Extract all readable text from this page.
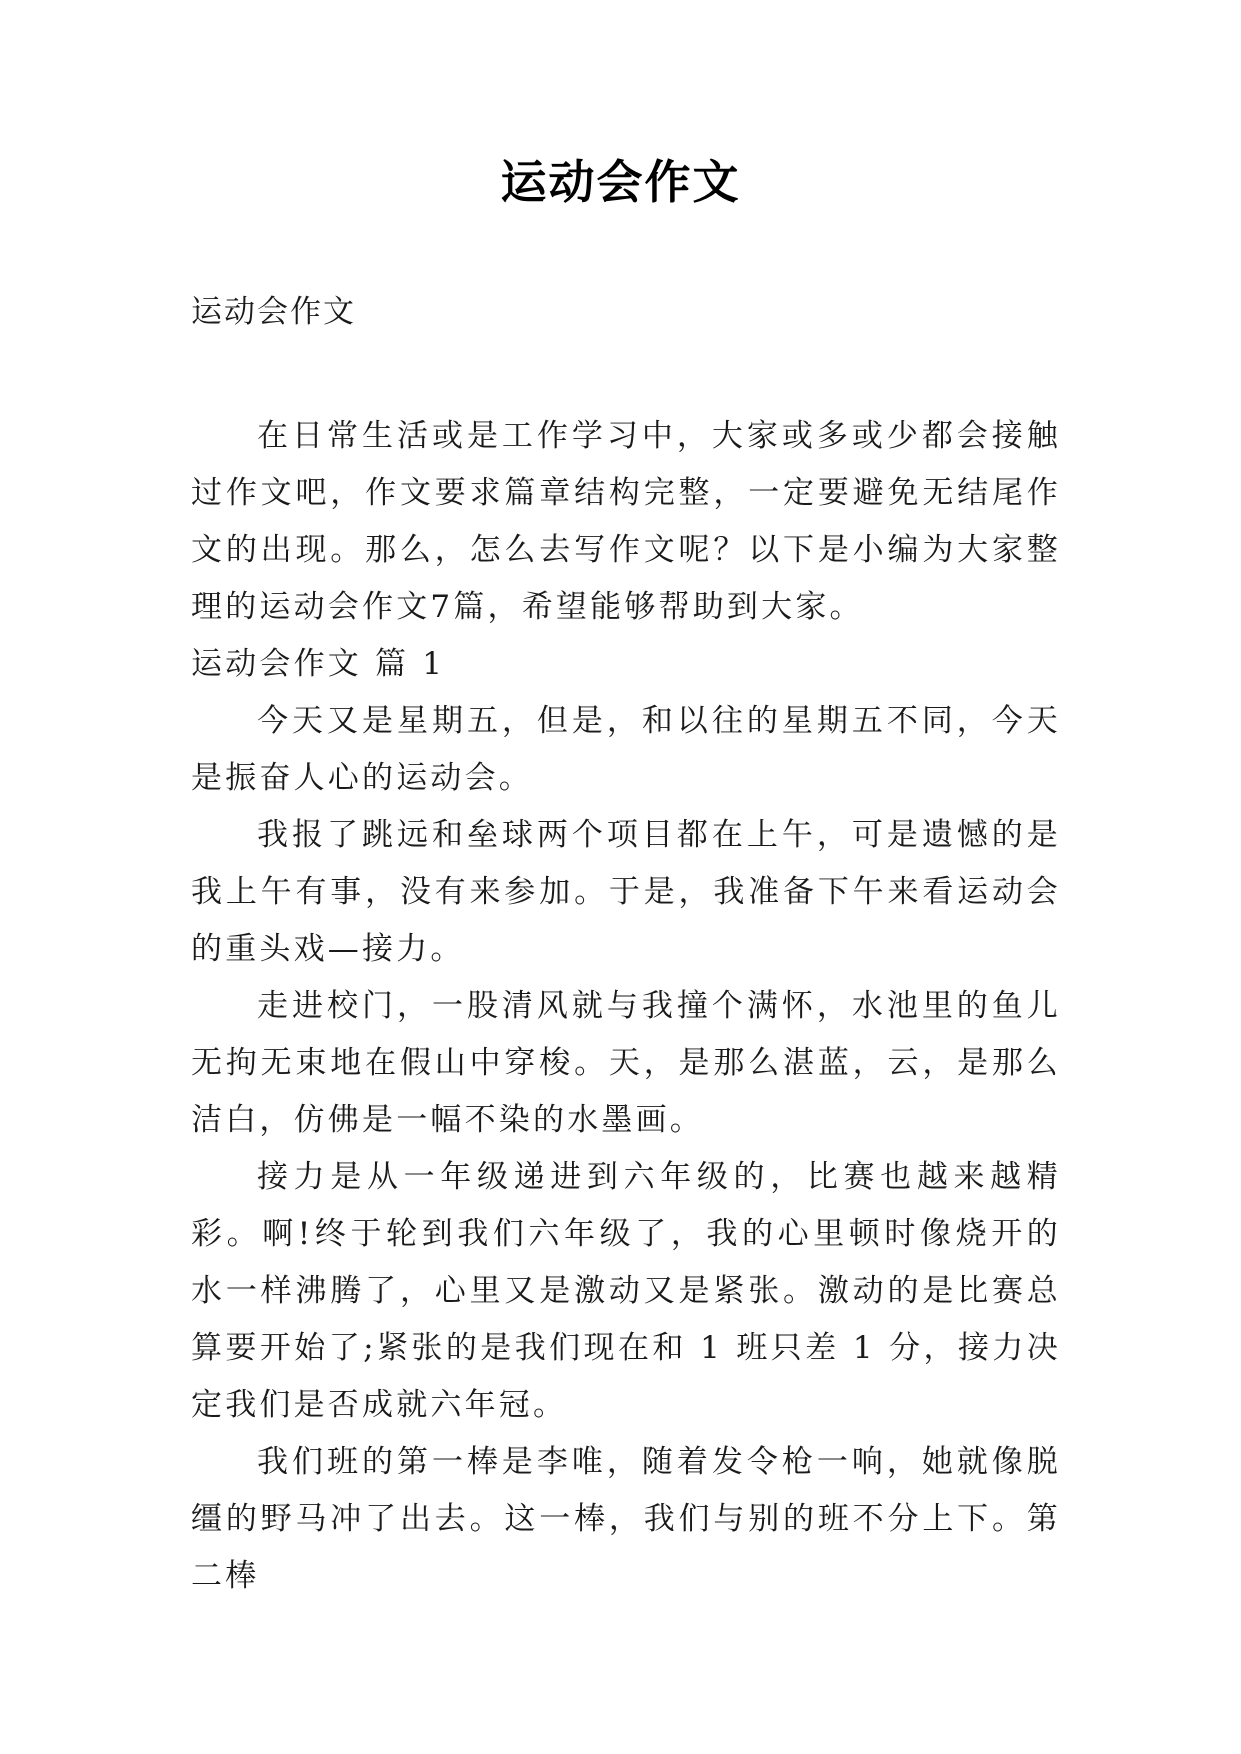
运动会作文

运动会作文

在日常生活或是工作学习中，大家或多或少都会接触过作文吧，作文要求篇章结构完整，一定要避免无结尾作文的出现。那么，怎么去写作文呢？以下是小编为大家整理的运动会作文7篇，希望能够帮助到大家。

运动会作文 篇 1

今天又是星期五，但是，和以往的星期五不同，今天是振奋人心的运动会。

我报了跳远和垒球两个项目都在上午，可是遗憾的是我上午有事，没有来参加。于是，我准备下午来看运动会的重头戏—接力。

走进校门，一股清风就与我撞个满怀，水池里的鱼儿无拘无束地在假山中穿梭。天，是那么湛蓝，云，是那么洁白，仿佛是一幅不染的水墨画。

接力是从一年级递进到六年级的，比赛也越来越精彩。啊!终于轮到我们六年级了，我的心里顿时像烧开的水一样沸腾了，心里又是激动又是紧张。激动的是比赛总算要开始了;紧张的是我们现在和 1 班只差 1 分，接力决定我们是否成就六年冠。

我们班的第一棒是李唯，随着发令枪一响，她就像脱缰的野马冲了出去。这一棒，我们与别的班不分上下。第二棒
